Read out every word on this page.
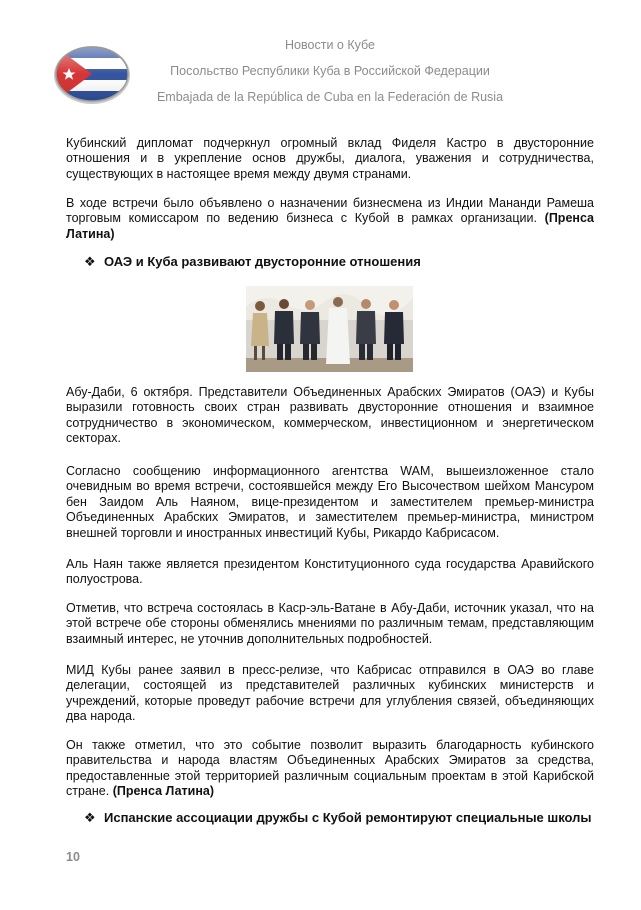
Новости о Кубе
Посольство Республики Куба в Российской Федерации
Embajada de la República de Cuba en la Federación de Rusia

Кубинский дипломат подчеркнул огромный вклад Фиделя Кастро в двусторонние отношения и в укрепление основ дружбы, диалога, уважения и сотрудничества, существующих в настоящее время между двумя странами.

В ходе встречи было объявлено о назначении бизнесмена из Индии Мананди Рамеша торговым комиссаром по ведению бизнеса с Кубой в рамках организации. (Пренса Латина)

❖ ОАЭ и Куба развивают двусторонние отношения

Абу-Даби, 6 октября. Представители Объединенных Арабских Эмиратов (ОАЭ) и Кубы выразили готовность своих стран развивать двусторонние отношения и взаимное сотрудничество в экономическом, коммерческом, инвестиционном и энергетическом секторах.

Согласно сообщению информационного агентства WAM, вышеизложенное стало очевидным во время встречи, состоявшейся между Его Высочеством шейхом Мансуром бен Заидом Аль Наяном, вице-президентом и заместителем премьер-министра Объединенных Арабских Эмиратов, и заместителем премьер-министра, министром внешней торговли и иностранных инвестиций Кубы, Рикардо Кабрисасом.

Аль Наян также является президентом Конституционного суда государства Аравийского полуострова.

Отметив, что встреча состоялась в Каср-эль-Ватане в Абу-Даби, источник указал, что на этой встрече обе стороны обменялись мнениями по различным темам, представляющим взаимный интерес, не уточнив дополнительных подробностей.

МИД Кубы ранее заявил в пресс-релизе, что Кабрисас отправился в ОАЭ во главе делегации, состоящей из представителей различных кубинских министерств и учреждений, которые проведут рабочие встречи для углубления связей, объединяющих два народа.

Он также отметил, что это событие позволит выразить благодарность кубинского правительства и народа властям Объединенных Арабских Эмиратов за средства, предоставленные этой территорией различным социальным проектам в этой Карибской стране. (Пренса Латина)

❖ Испанские ассоциации дружбы с Кубой ремонтируют специальные школы
10
